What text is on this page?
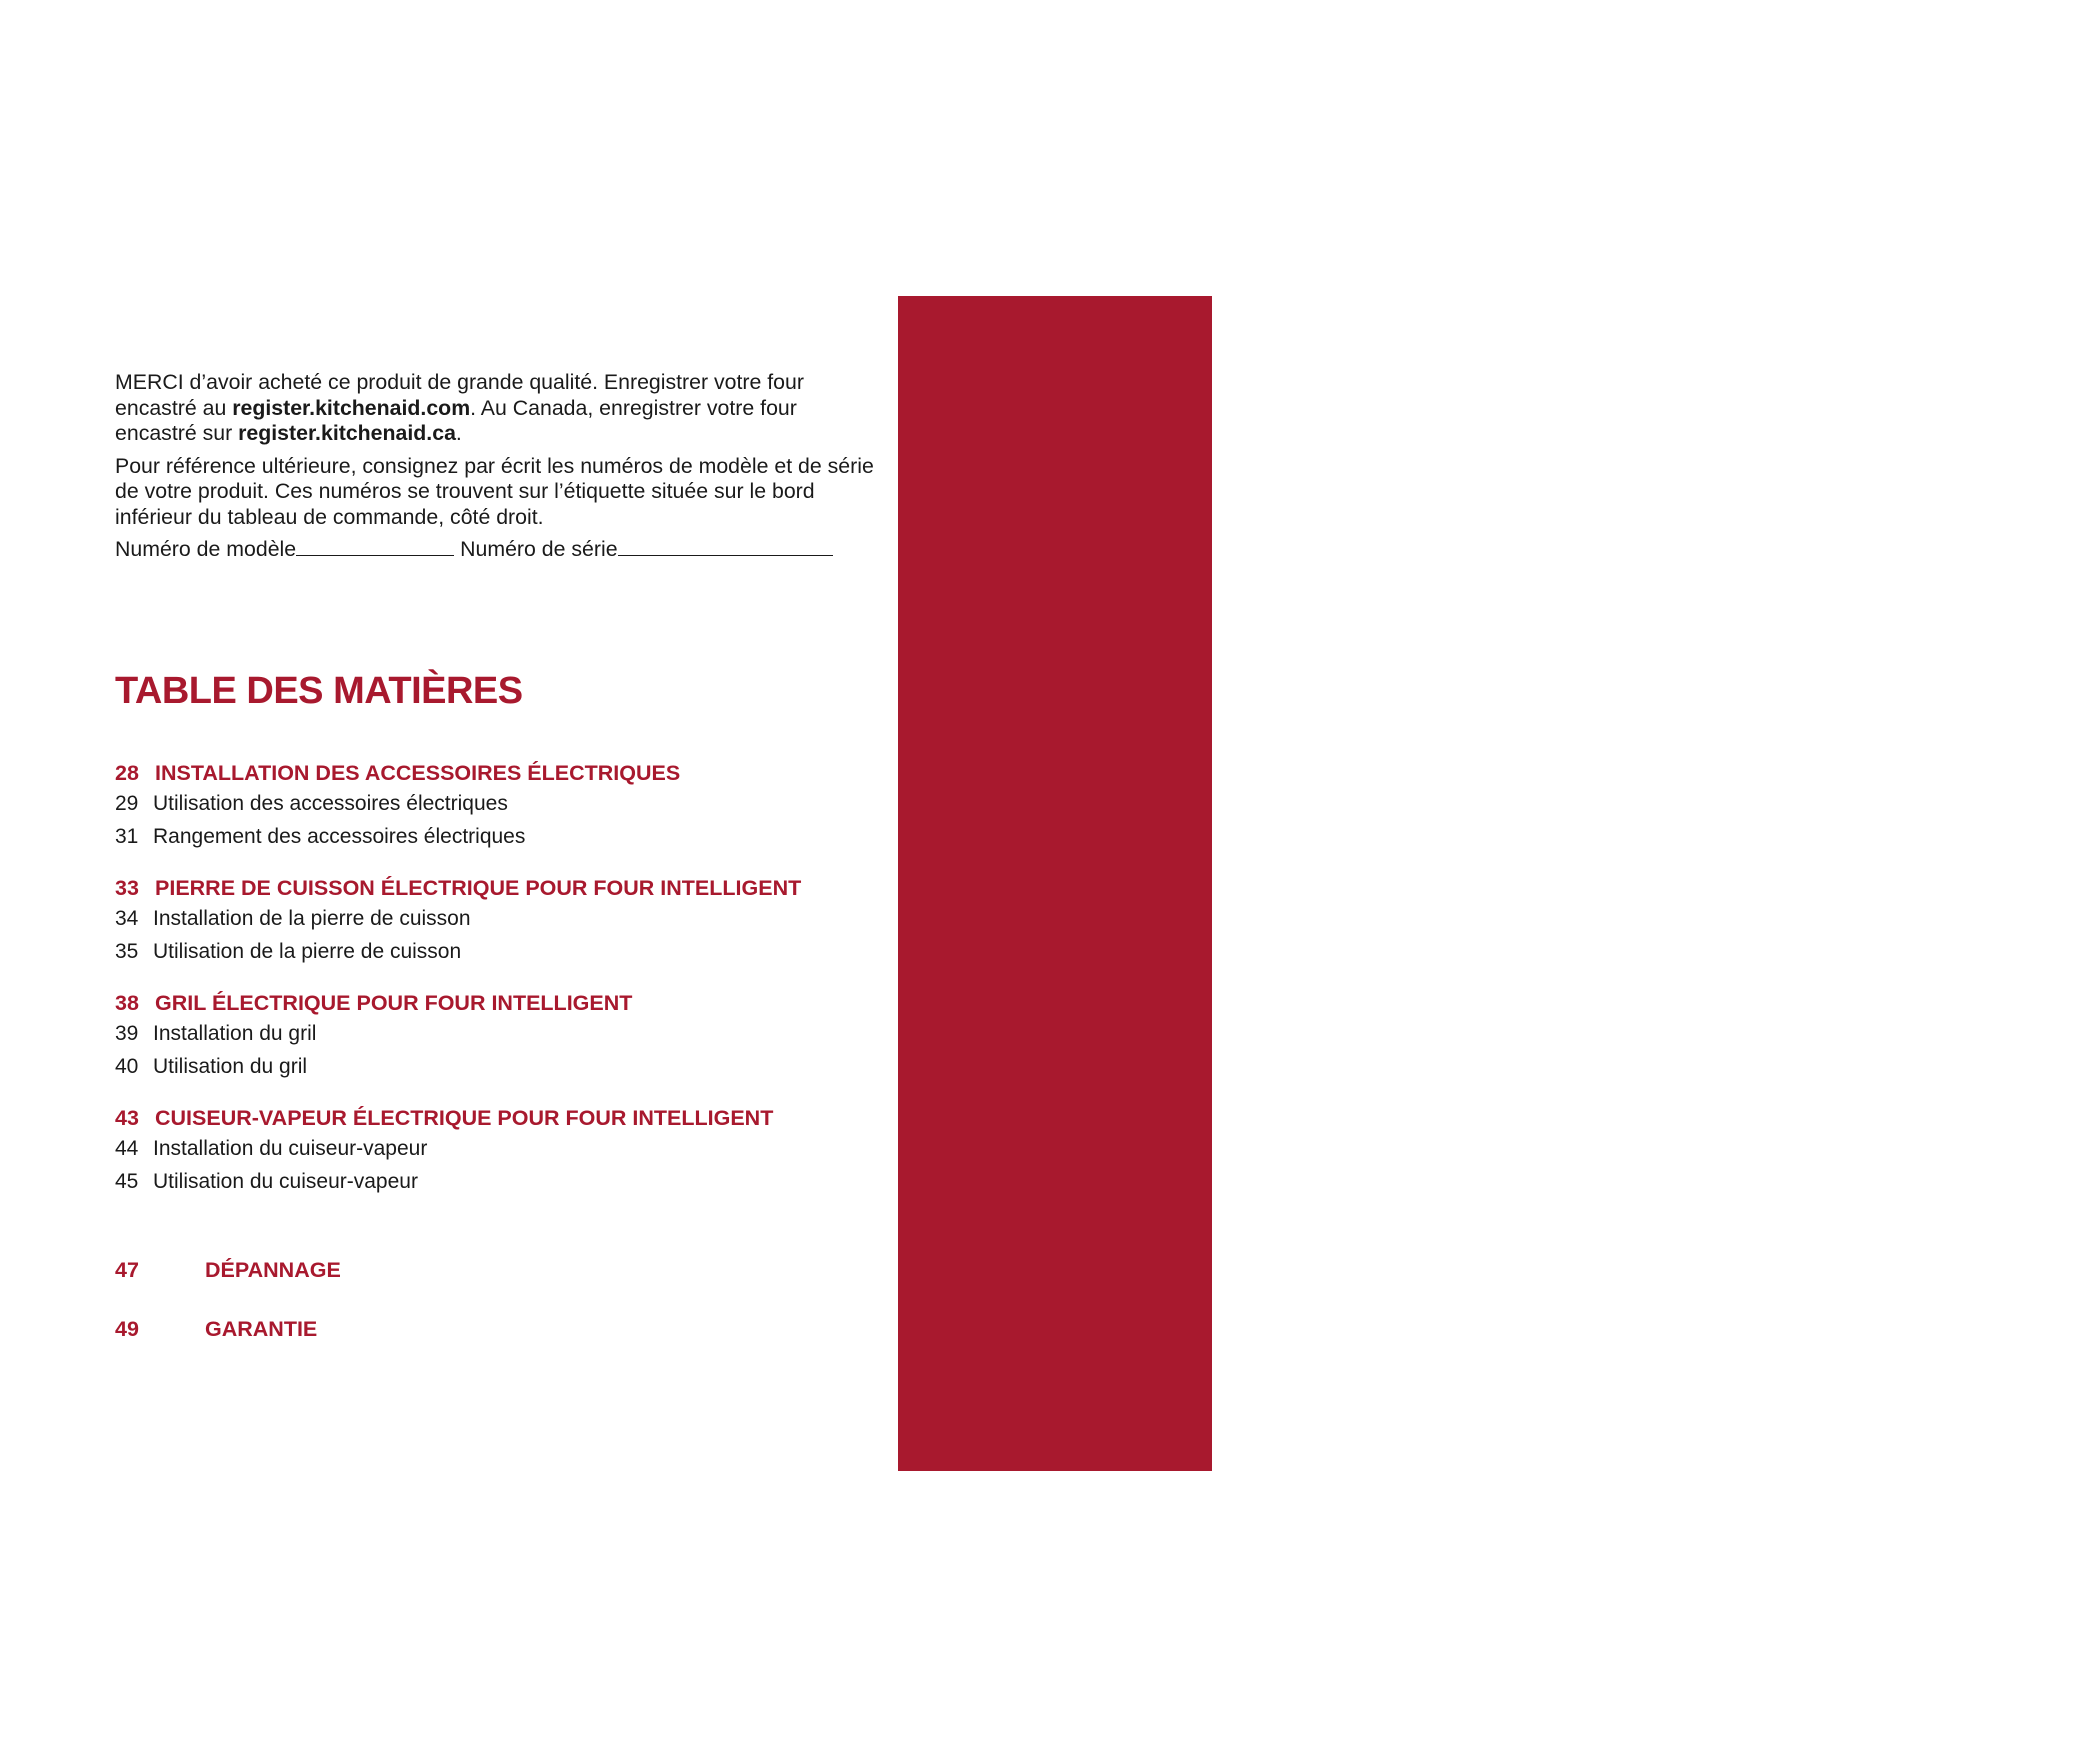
KitchenAid®

MERCI d’avoir acheté ce produit de grande qualité. Enregistrer votre four encastré au register.kitchenaid.com. Au Canada, enregistrer votre four encastré sur register.kitchenaid.ca.

Pour référence ultérieure, consignez par écrit les numéros de modèle et de série de votre produit. Ces numéros se trouvent sur l’étiquette située sur le bord inférieur du tableau de commande, côté droit.

Numéro de modèle	Numéro de série

TABLE DES MATIÈRES
28 INSTALLATION DES ACCESSOIRES ÉLECTRIQUES
29 Utilisation des accessoires électriques
31 Rangement des accessoires électriques
33 PIERRE DE CUISSON ÉLECTRIQUE POUR FOUR INTELLIGENT
34 Installation de la pierre de cuisson
35 Utilisation de la pierre de cuisson
38 GRIL ÉLECTRIQUE POUR FOUR INTELLIGENT
39 Installation du gril
40 Utilisation du gril
43 CUISEUR-VAPEUR ÉLECTRIQUE POUR FOUR INTELLIGENT
44 Installation du cuiseur-vapeur
45 Utilisation du cuiseur-vapeur
47	DÉPANNAGE
49	GARANTIE
